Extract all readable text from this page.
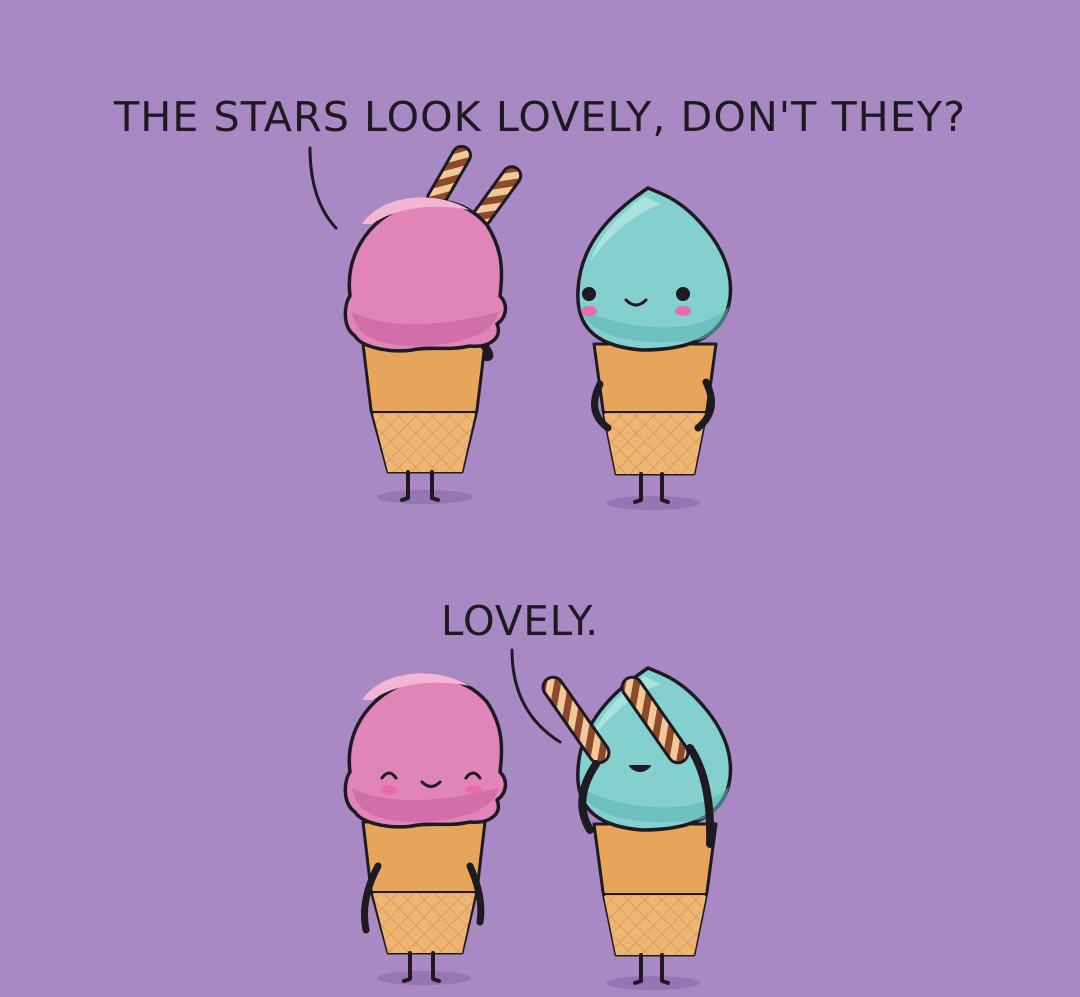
THE STARS LOOK LOVELY, DON'T THEY?
LOVELY.
